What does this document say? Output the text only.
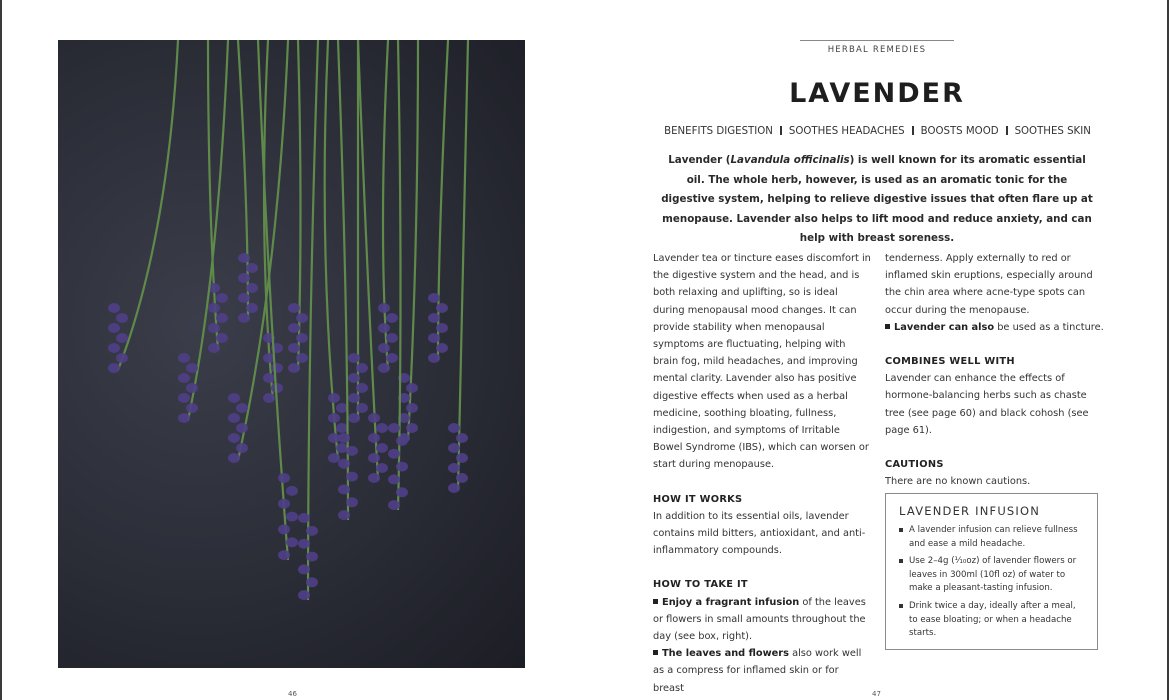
46
HERBAL REMEDIES
LAVENDER
BENEFITS DIGESTION SOOTHES HEADACHES BOOSTS MOOD SOOTHES SKIN
Lavender (Lavandula officinalis) is well known for its aromatic essential oil. The whole herb, however, is used as an aromatic tonic for the digestive system, helping to relieve digestive issues that often flare up at menopause. Lavender also helps to lift mood and reduce anxiety, and can help with breast soreness.

Lavender tea or tincture eases discomfort in the digestive system and the head, and is both relaxing and uplifting, so is ideal during menopausal mood changes. It can provide stability when menopausal symptoms are fluctuating, helping with brain fog, mild headaches, and improving mental clarity. Lavender also has positive digestive effects when used as a herbal medicine, soothing bloating, fullness, indigestion, and symptoms of Irritable Bowel Syndrome (IBS), which can worsen or start during menopause.

HOW IT WORKS

In addition to its essential oils, lavender contains mild bitters, antioxidant, and anti-inflammatory compounds.

HOW TO TAKE IT

Enjoy a fragrant infusion of the leaves or flowers in small amounts throughout the day (see box, right).

The leaves and flowers also work well as a compress for inflamed skin or for breast

tenderness. Apply externally to red or inflamed skin eruptions, especially around the chin area where acne-type spots can occur during the menopause.

Lavender can also be used as a tincture.

COMBINES WELL WITH

Lavender can enhance the effects of hormone-balancing herbs such as chaste tree (see page 60) and black cohosh (see page 61).

CAUTIONS

There are no known cautions.

LAVENDER INFUSION
A lavender infusion can relieve fullness and ease a mild headache.
Use 2–4g (⅟₁₀oz) of lavender flowers or leaves in 300ml (10fl oz) of water to make a pleasant-tasting infusion.
Drink twice a day, ideally after a meal, to ease bloating; or when a headache starts.
47
